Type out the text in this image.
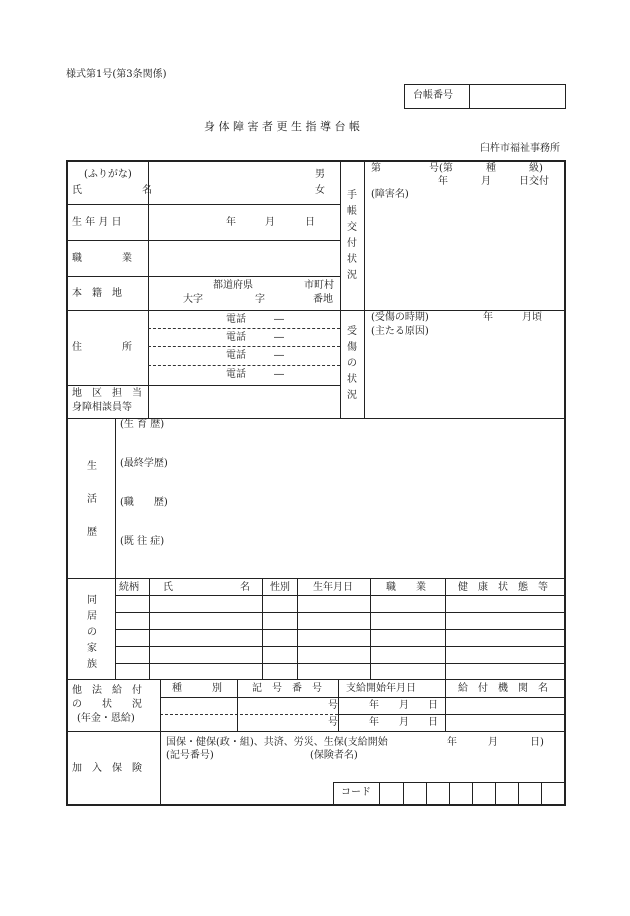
様式第1号(第3条関係)
台帳番号
身 体 障 害 者 更 生 指 導 台 帳
臼杵市福祉事務所
(ふりがな)
氏　　　　　　名
男
女
生 年 月 日	年	月	日
職　　　　業
本　籍　地
都道府県	市町村
大字	字	番地
住　　　　所
電話	―
電話	―
電話	―
電話	―
地　区　担　当
身障相談員等
手
帳
交
付
状
況
第	号(第	種	級)
年	月	日交付
(障害名)
受
傷
の
状
況
(受傷の時期)	年	月頃
(主たる原因)
生
活
歴
(生 育 歴)
(最終学歴)
(職　　歴)
(既 往 症)
同
居
の
家
族
続柄 氏	名 性別 生年月日	職　　業	健　康　状　態　等
他　法　給　付
の　　状　　況
(年金・恩給)
種　　　別	記　号　番　号 支給開始年月日	給　付　機　関　名
号	年 月 日
号	年 月 日
加　入　保　険
国保・健保(政・組)、共済、労災、生保(支給開始	年	月	日)
(記号番号)	(保険者名)
コード
